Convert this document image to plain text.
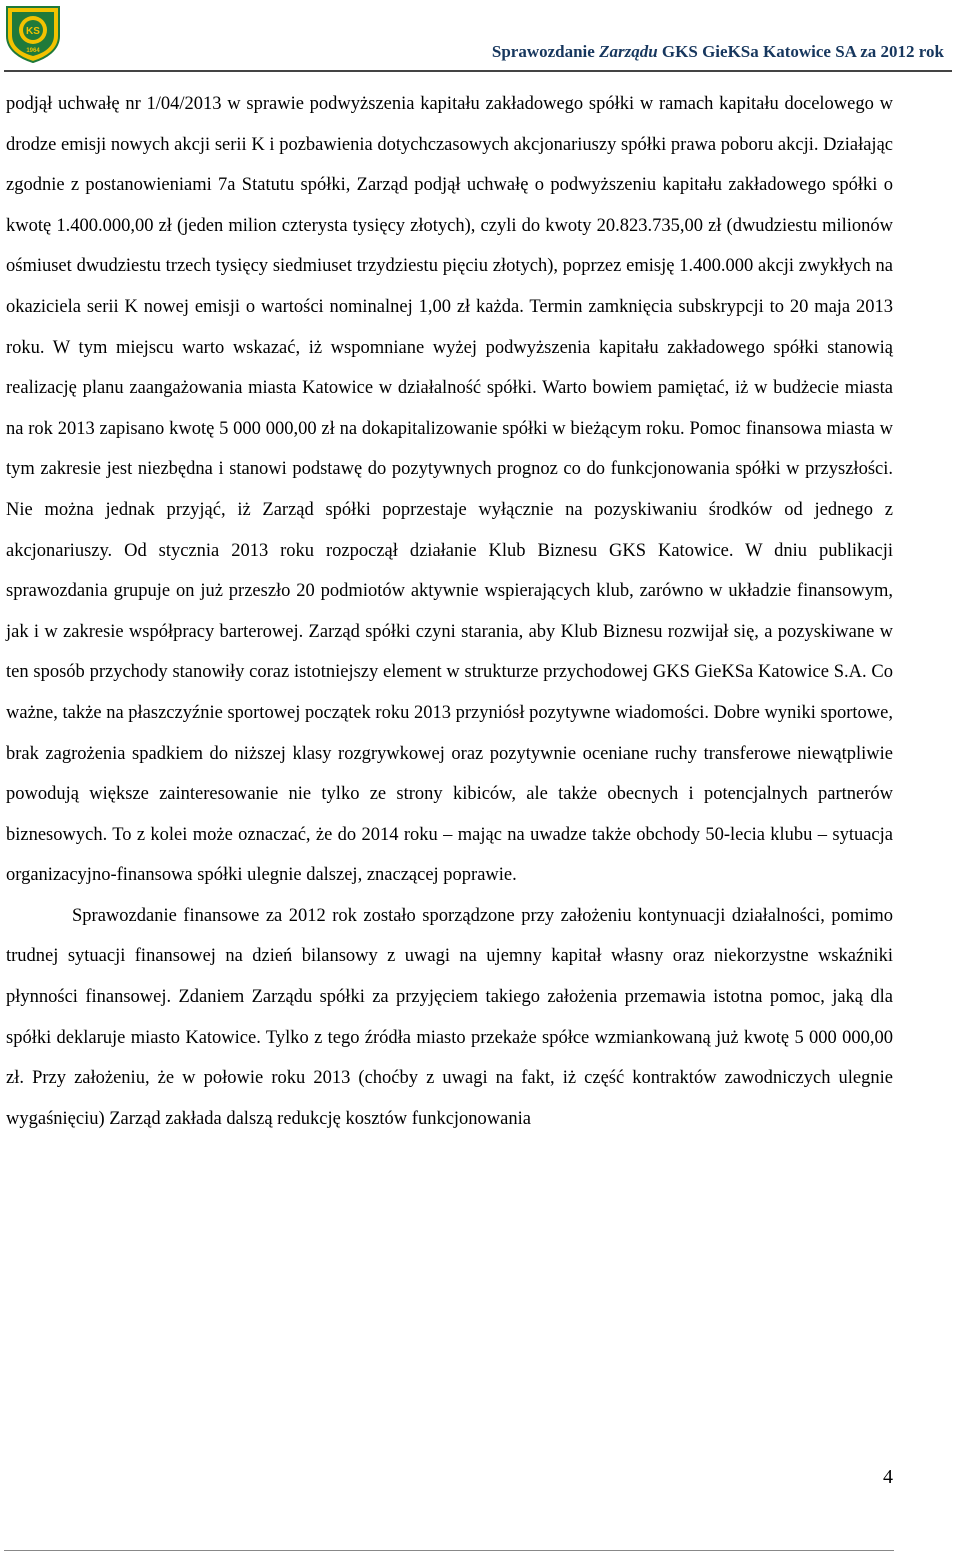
KS
1964	Sprawozdanie Zarządu GKS GieKSa Katowice SA za 2012 rok

podjął uchwałę nr 1/04/2013 w sprawie podwyższenia kapitału zakładowego spółki w ramach kapitału docelowego w drodze emisji nowych akcji serii K i pozbawienia dotychczasowych akcjonariuszy spółki prawa poboru akcji. Działając zgodnie z postanowieniami 7a Statutu spółki, Zarząd podjął uchwałę o podwyższeniu kapitału zakładowego spółki o kwotę 1.400.000,00 zł (jeden milion czterysta tysięcy złotych), czyli do kwoty 20.823.735,00 zł (dwudziestu milionów ośmiuset dwudziestu trzech tysięcy siedmiuset trzydziestu pięciu złotych), poprzez emisję 1.400.000 akcji zwykłych na okaziciela serii K nowej emisji o wartości nominalnej 1,00 zł każda. Termin zamknięcia subskrypcji to 20 maja 2013 roku. W tym miejscu warto wskazać, iż wspomniane wyżej podwyższenia kapitału zakładowego spółki stanowią realizację planu zaangażowania miasta Katowice w działalność spółki. Warto bowiem pamiętać, iż w budżecie miasta na rok 2013 zapisano kwotę 5 000 000,00 zł na dokapitalizowanie spółki w bieżącym roku. Pomoc finansowa miasta w tym zakresie jest niezbędna i stanowi podstawę do pozytywnych prognoz co do funkcjonowania spółki w przyszłości. Nie można jednak przyjąć, iż Zarząd spółki poprzestaje wyłącznie na pozyskiwaniu środków od jednego z akcjonariuszy. Od stycznia 2013 roku rozpoczął działanie Klub Biznesu GKS Katowice. W dniu publikacji sprawozdania grupuje on już przeszło 20 podmiotów aktywnie wspierających klub, zarówno w układzie finansowym, jak i w zakresie współpracy barterowej. Zarząd spółki czyni starania, aby Klub Biznesu rozwijał się, a pozyskiwane w ten sposób przychody stanowiły coraz istotniejszy element w strukturze przychodowej GKS GieKSa Katowice S.A. Co ważne, także na płaszczyźnie sportowej początek roku 2013 przyniósł pozytywne wiadomości. Dobre wyniki sportowe, brak zagrożenia spadkiem do niższej klasy rozgrywkowej oraz pozytywnie oceniane ruchy transferowe niewątpliwie powodują większe zainteresowanie nie tylko ze strony kibiców, ale także obecnych i potencjalnych partnerów biznesowych. To z kolei może oznaczać, że do 2014 roku – mając na uwadze także obchody 50-lecia klubu – sytuacja organizacyjno-finansowa spółki ulegnie dalszej, znaczącej poprawie.

Sprawozdanie finansowe za 2012 rok zostało sporządzone przy założeniu kontynuacji działalności, pomimo trudnej sytuacji finansowej na dzień bilansowy z uwagi na ujemny kapitał własny oraz niekorzystne wskaźniki płynności finansowej. Zdaniem Zarządu spółki za przyjęciem takiego założenia przemawia istotna pomoc, jaką dla spółki deklaruje miasto Katowice. Tylko z tego źródła miasto przekaże spółce wzmiankowaną już kwotę 5 000 000,00 zł. Przy założeniu, że w połowie roku 2013 (choćby z uwagi na fakt, iż część kontraktów zawodniczych ulegnie wygaśnięciu) Zarząd zakłada dalszą redukcję kosztów funkcjonowania

4
